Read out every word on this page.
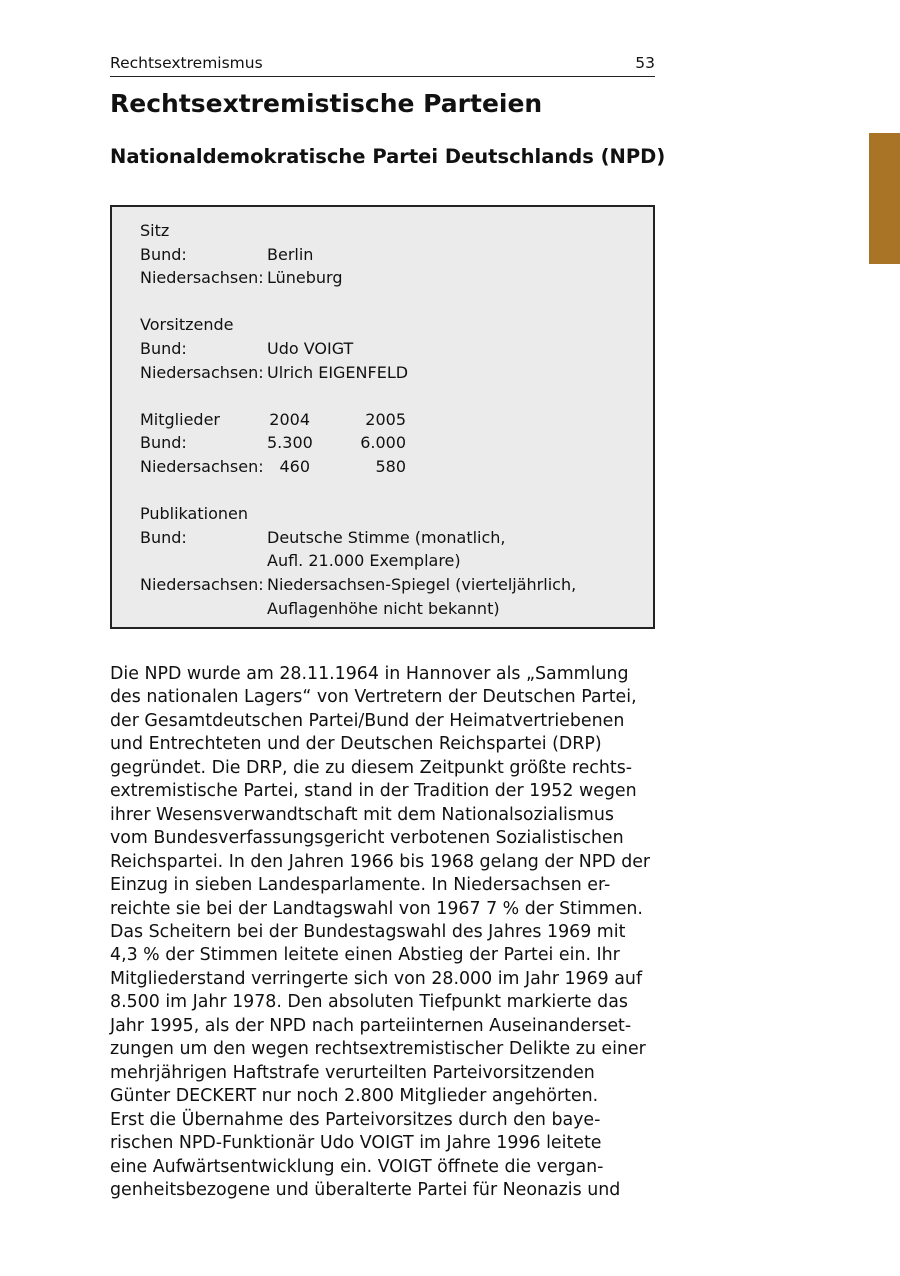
Rechtsextremismus	53
Rechtsextremistische Parteien
Nationaldemokratische Partei Deutschlands (NPD)
Sitz
Bund:	Berlin
Niedersachsen: Lüneburg
Vorsitzende
Bund:	Udo VOIGT
Niedersachsen: Ulrich EIGENFELD
Mitglieder	2004	2005
Bund:	5.300	6.000
Niedersachsen: 460	580
Publikationen
Bund:	Deutsche Stimme (monatlich,
Aufl. 21.000 Exemplare)
Niedersachsen: Niedersachsen-Spiegel (vierteljährlich,
Auflagenhöhe nicht bekannt)
Die NPD wurde am 28.11.1964 in Hannover als „Sammlung
des nationalen Lagers“ von Vertretern der Deutschen Partei,
der Gesamtdeutschen Partei/Bund der Heimatvertriebenen
und Entrechteten und der Deutschen Reichspartei (DRP)
gegründet. Die DRP, die zu diesem Zeitpunkt größte rechts-
extremistische Partei, stand in der Tradition der 1952 wegen
ihrer Wesensverwandtschaft mit dem Nationalsozialismus
vom Bundesverfassungsgericht verbotenen Sozialistischen
Reichspartei. In den Jahren 1966 bis 1968 gelang der NPD der
Einzug in sieben Landesparlamente. In Niedersachsen er-
reichte sie bei der Landtagswahl von 1967 7 % der Stimmen.
Das Scheitern bei der Bundestagswahl des Jahres 1969 mit
4,3 % der Stimmen leitete einen Abstieg der Partei ein. Ihr
Mitgliederstand verringerte sich von 28.000 im Jahr 1969 auf
8.500 im Jahr 1978. Den absoluten Tiefpunkt markierte das
Jahr 1995, als der NPD nach parteiinternen Auseinanderset-
zungen um den wegen rechtsextremistischer Delikte zu einer
mehrjährigen Haftstrafe verurteilten Parteivorsitzenden
Günter DECKERT nur noch 2.800 Mitglieder angehörten.
Erst die Übernahme des Parteivorsitzes durch den baye-
rischen NPD-Funktionär Udo VOIGT im Jahre 1996 leitete
eine Aufwärtsentwicklung ein. VOIGT öffnete die vergan-
genheitsbezogene und überalterte Partei für Neonazis und
